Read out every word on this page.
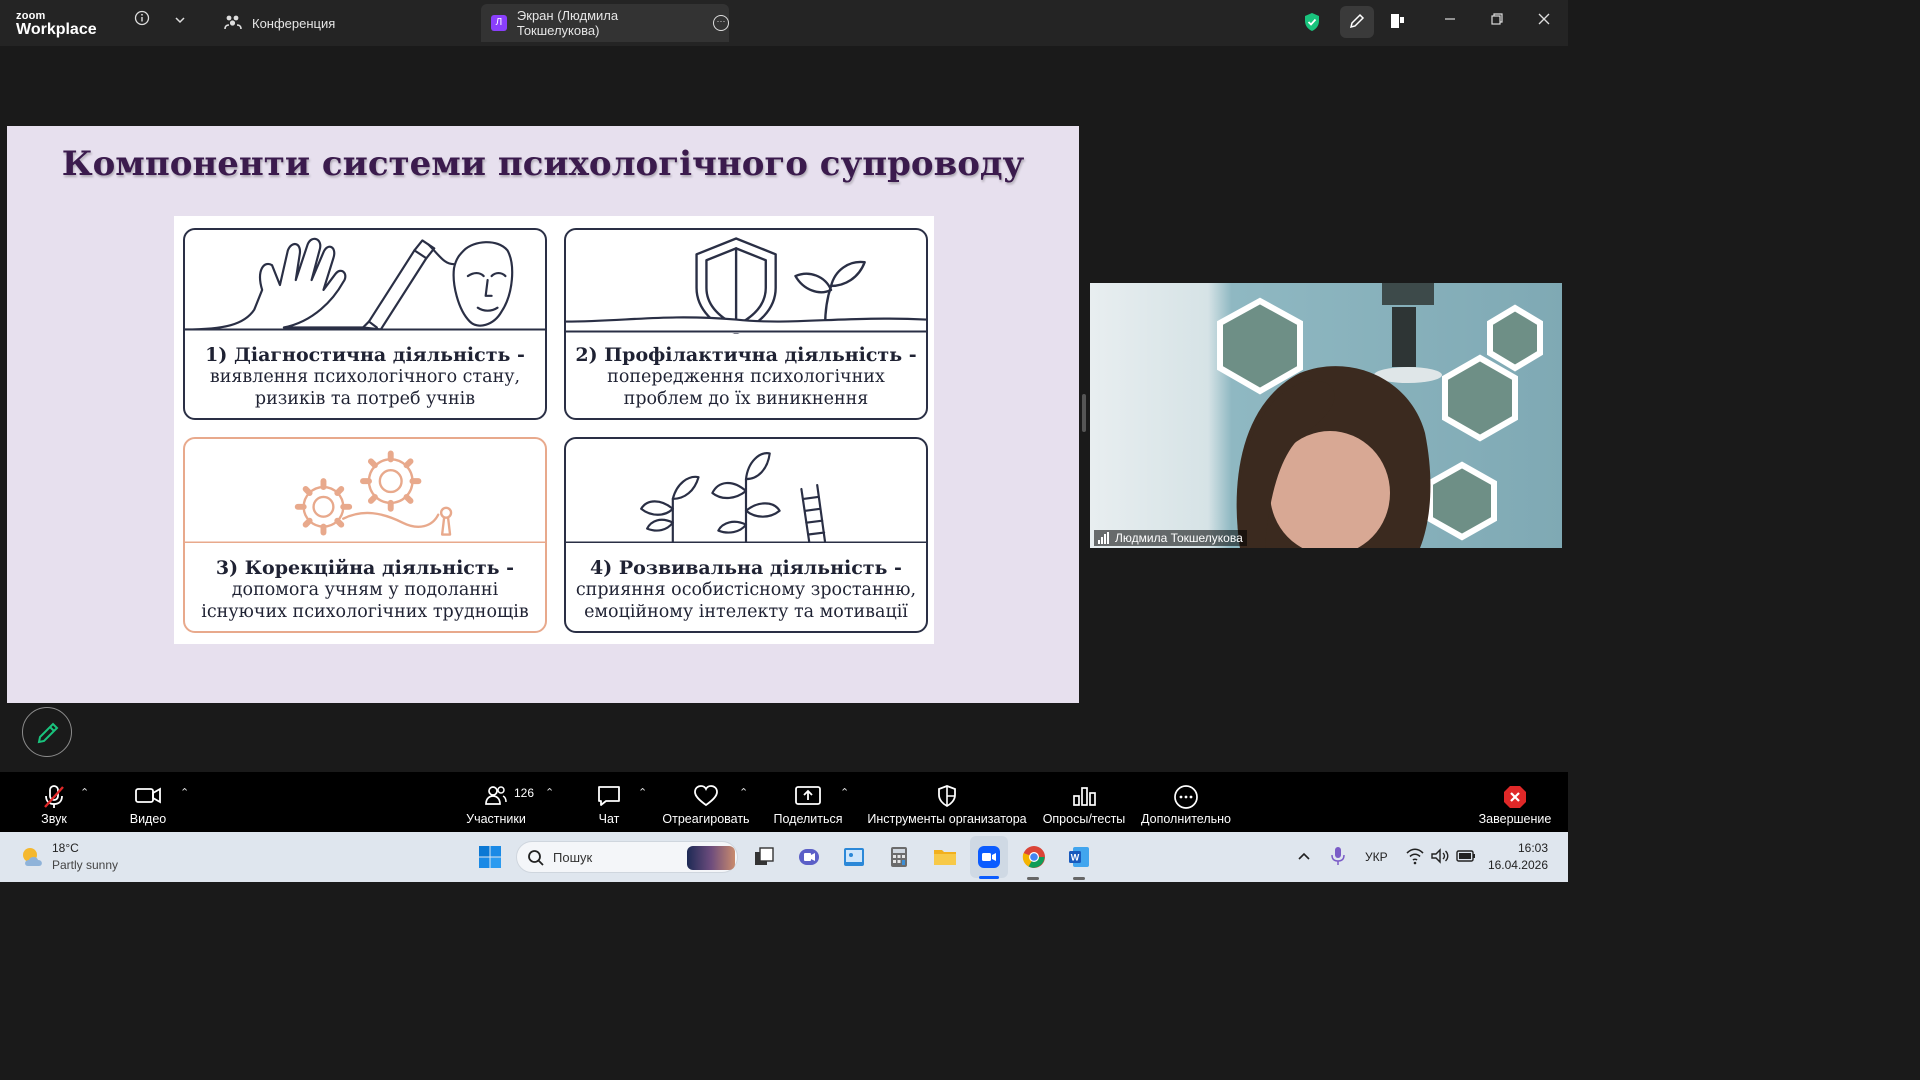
zoom
Workplace	Конференция	Л	Экран (Людмила Токшелукова)
···
Компоненти системи психологічного супроводу
1) Діагностична діяльність -
виявлення психологічного стану,
ризиків та потреб учнів
2) Профілактична діяльність -
попередження психологічних
проблем до їх виникнення
3) Корекційна діяльність -
допомога учням у подоланні
існуючих психологічних труднощів
4) Розвивальна діяльність -
сприяння особистісному зростанню,
емоційному інтелекту та мотивації
Людмила Токшелукова
Звук
⌃
Видео
⌃	126
Участники
⌃
Чат
⌃
Отреагировать
⌃
Поделиться
⌃
Инструменты организатора Опросы/тесты Дополнительно	Завершение
18°C
Partly sunny	Пошук	W	УКР
16:03
16.04.2026
